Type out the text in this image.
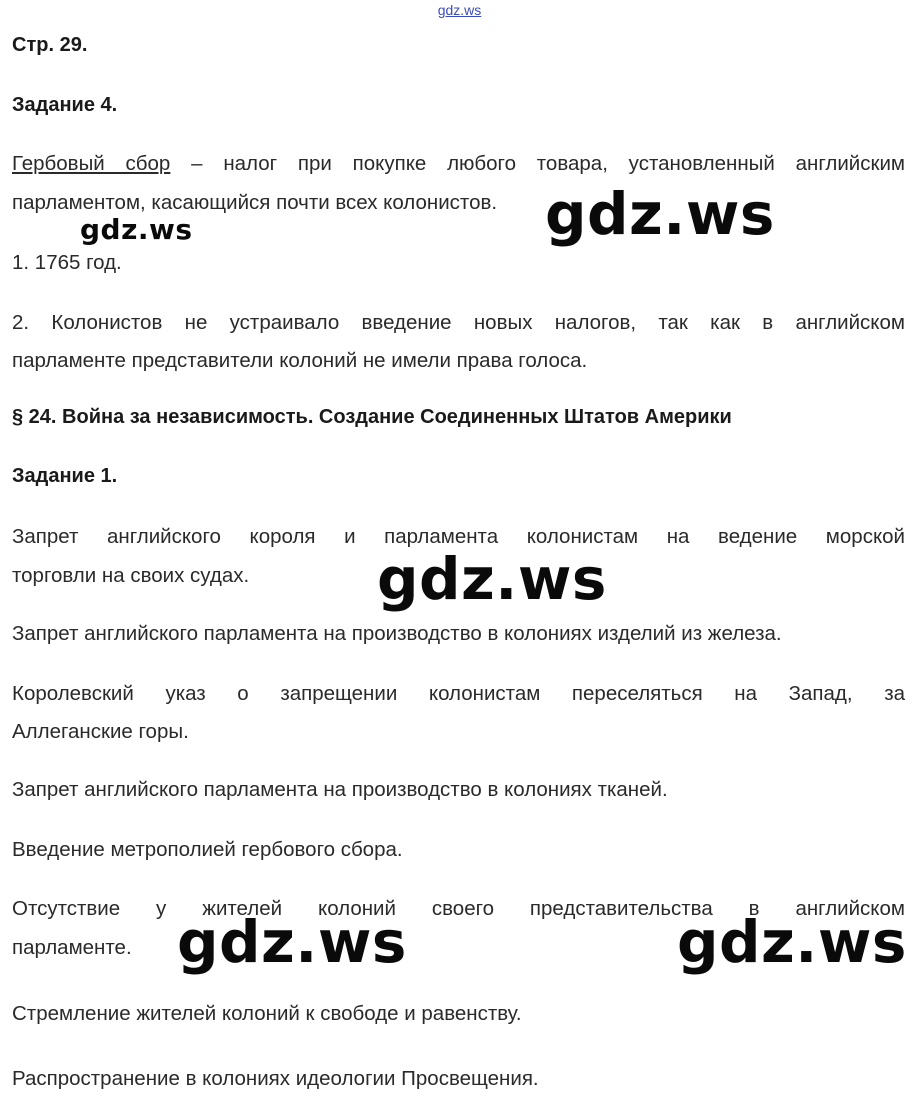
gdz.ws
Стр. 29.
Задание 4.
Гербовый сбор – налог при покупке любого товара, установленный английским
парламентом, касающийся почти всех колонистов.
1. 1765 год.
2. Колонистов не устраивало введение новых налогов, так как в английском
парламенте представители колоний не имели права голоса.
§ 24. Война за независимость. Создание Соединенных Штатов Америки
Задание 1.
Запрет английского короля и парламента колонистам на ведение морской
торговли на своих судах.
Запрет английского парламента на производство в колониях изделий из железа.
Королевский указ о запрещении колонистам переселяться на Запад, за
Аллеганские горы.
Запрет английского парламента на производство в колониях тканей.
Введение метрополией гербового сбора.
Отсутствие у жителей колоний своего представительства в английском
парламенте.
Стремление жителей колоний к свободе и равенству.
Распространение в колониях идеологии Просвещения.
gdz.ws
gdz.ws
gdz.ws
gdz.ws	gdz.ws
